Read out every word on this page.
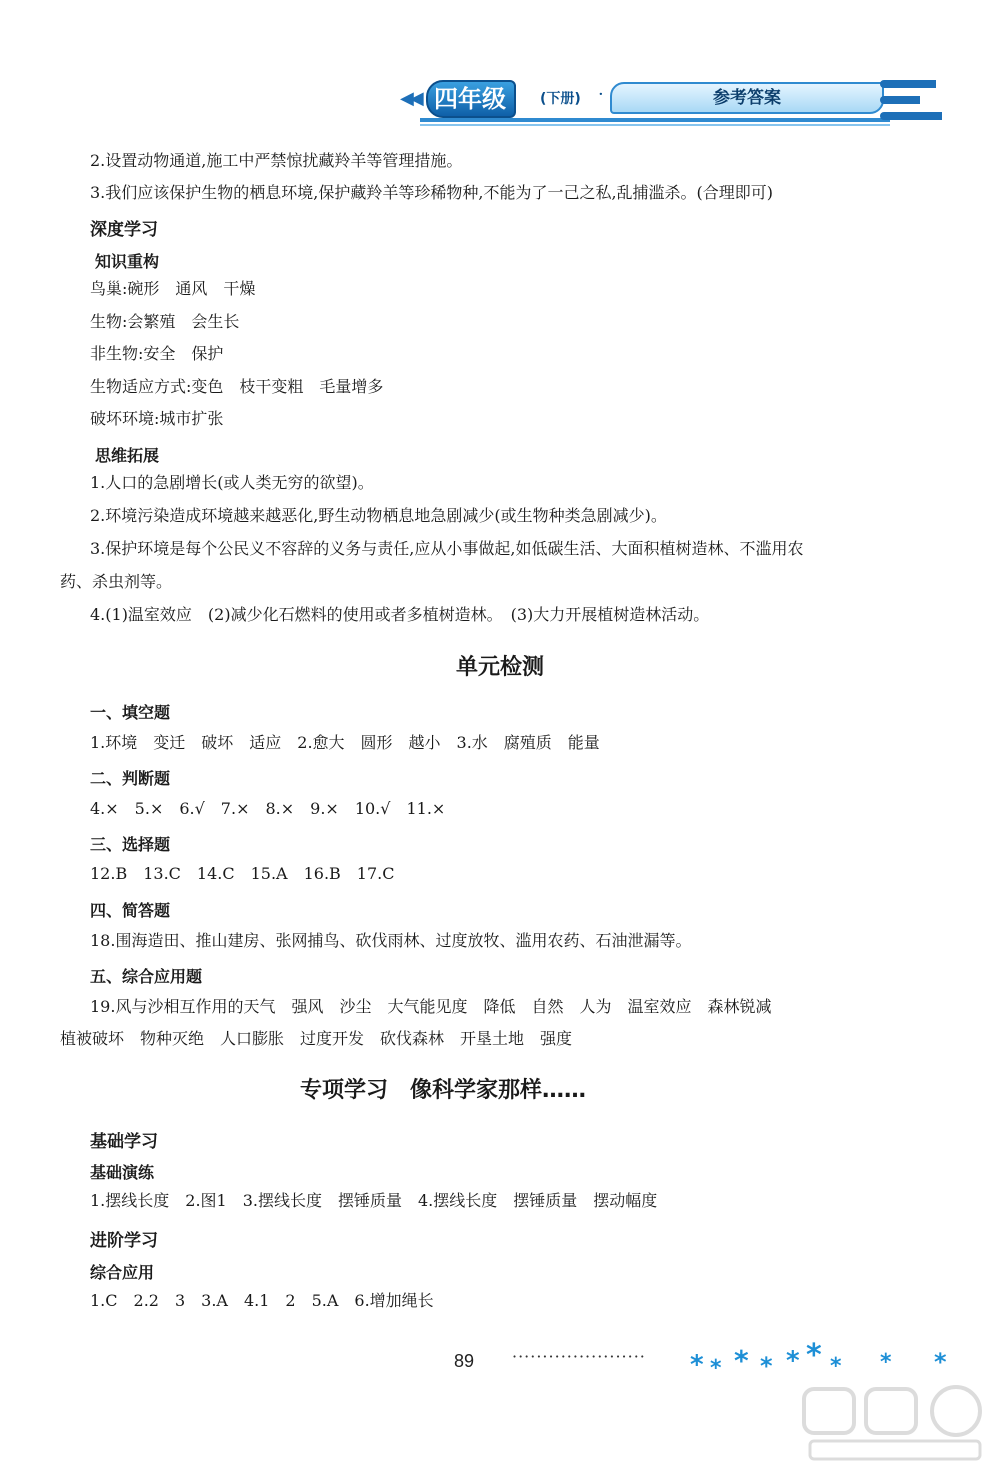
◀◀ 四年级	(下册) ·	参考答案

2.设置动物通道,施工中严禁惊扰藏羚羊等管理措施。

3.我们应该保护生物的栖息环境,保护藏羚羊等珍稀物种,不能为了一己之私,乱捕滥杀。(合理即可)

深度学习
知识重构

鸟巢:碗形　通风　干燥

生物:会繁殖　会生长

非生物:安全　保护

生物适应方式:变色　枝干变粗　毛量增多

破坏环境:城市扩张

思维拓展

1.人口的急剧增长(或人类无穷的欲望)。

2.环境污染造成环境越来越恶化,野生动物栖息地急剧减少(或生物种类急剧减少)。

3.保护环境是每个公民义不容辞的义务与责任,应从小事做起,如低碳生活、大面积植树造林、不滥用农

药、杀虫剂等。

4.(1)温室效应　(2)减少化石燃料的使用或者多植树造林。　(3)大力开展植树造林活动。

单元检测
一、填空题

1.环境　变迁　破坏　适应　2.愈大　圆形　越小　3.水　腐殖质　能量

二、判断题

4.×　5.×　6.√　7.×　8.×　9.×　10.√　11.×

三、选择题

12.B　13.C　14.C　15.A　16.B　17.C

四、简答题

18.围海造田、推山建房、张网捕鸟、砍伐雨林、过度放牧、滥用农药、石油泄漏等。

五、综合应用题

19.风与沙相互作用的天气　强风　沙尘　大气能见度　降低　自然　人为　温室效应　森林锐减

植被破坏　物种灭绝　人口膨胀　过度开发　砍伐森林　开垦土地　强度

专项学习　像科学家那样……
基础学习
基础演练

1.摆线长度　2.图1　3.摆线长度　摆锤质量　4.摆线长度　摆锤质量　摆动幅度

进阶学习
综合应用

1.C　2.2　3　3.A　4.1　2　5.A　6.增加绳长

89 ······················ * * * * * * * * *
